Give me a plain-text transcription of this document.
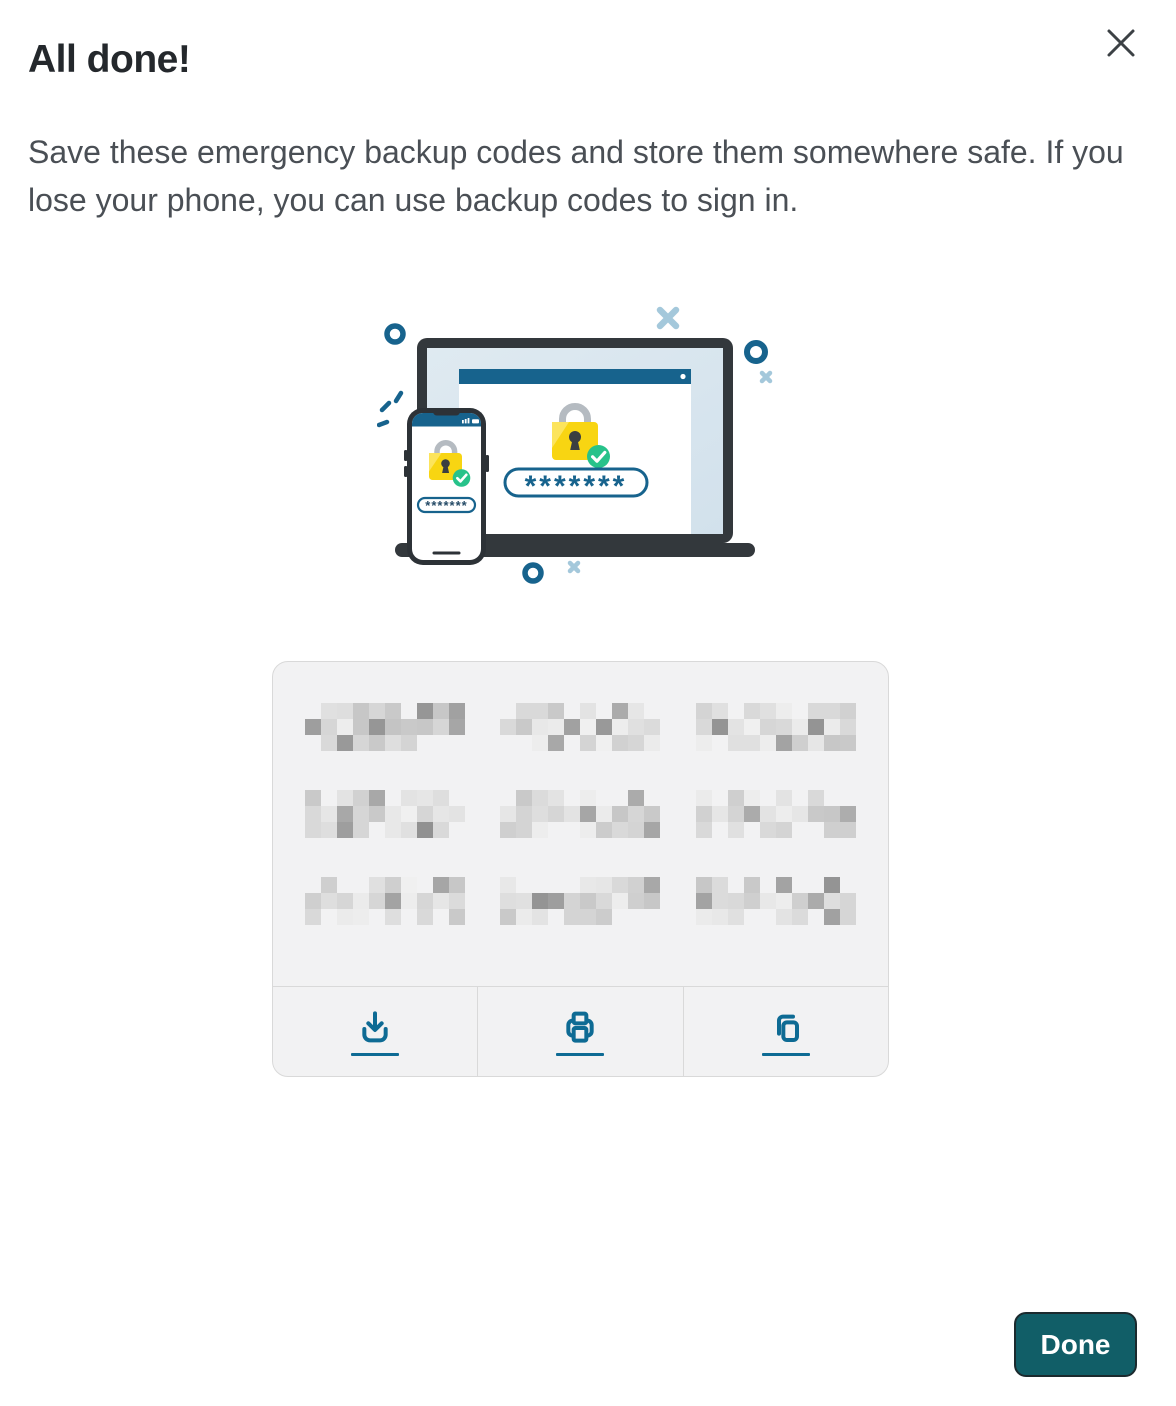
All done!

Save these emergency backup codes and store them somewhere safe. If you lose your phone, you can use backup codes to sign in.

*******
*******
Done
